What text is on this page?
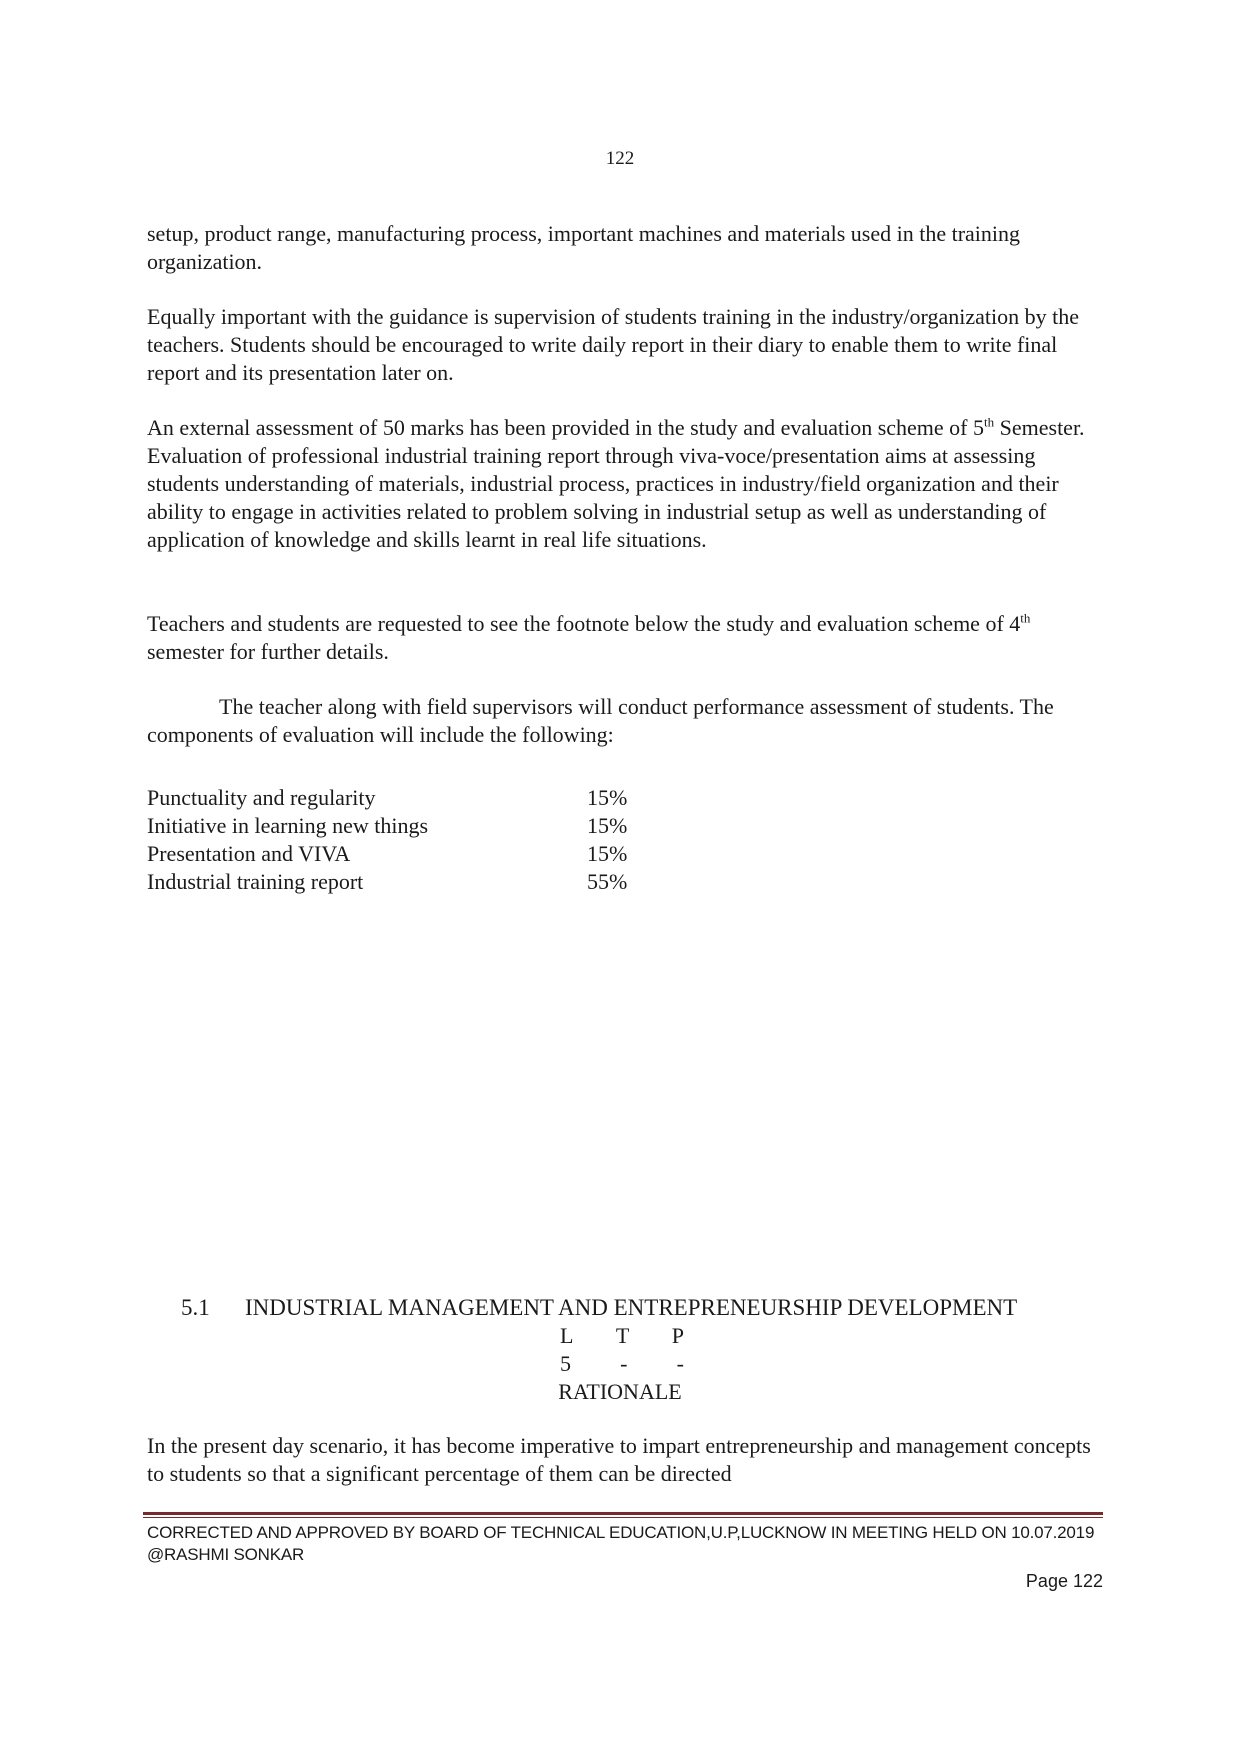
122

setup, product range, manufacturing process, important machines and materials used in the training organization.

Equally important with the guidance is supervision of students training in the industry/organization by the teachers. Students should be encouraged to write daily report in their diary to enable them to write final report and its presentation later on.

An external assessment of 50 marks has been provided in the study and evaluation scheme of 5th Semester. Evaluation of professional industrial training report through viva-voce/presentation aims at assessing students understanding of materials, industrial process, practices in industry/field organization and their ability to engage in activities related to problem solving in industrial setup as well as understanding of application of knowledge and skills learnt in real life situations.

Teachers and students are requested to see the footnote below the study and evaluation scheme of 4th semester for further details.

The teacher along with field supervisors will conduct performance assessment of students. The components of evaluation will include the following:

Punctuality and regularity	15%
Initiative in learning new things	15%
Presentation and VIVA	15%
Industrial training report	55%
5.1 INDUSTRIAL MANAGEMENT AND ENTREPRENEURSHIP DEVELOPMENT
L T P
5 - -
RATIONALE

In the present day scenario, it has become imperative to impart entrepreneurship and management concepts to students so that a significant percentage of them can be directed

CORRECTED AND APPROVED BY BOARD OF TECHNICAL EDUCATION,U.P,LUCKNOW IN MEETING HELD ON 10.07.2019 @RASHMI SONKAR
Page 122
